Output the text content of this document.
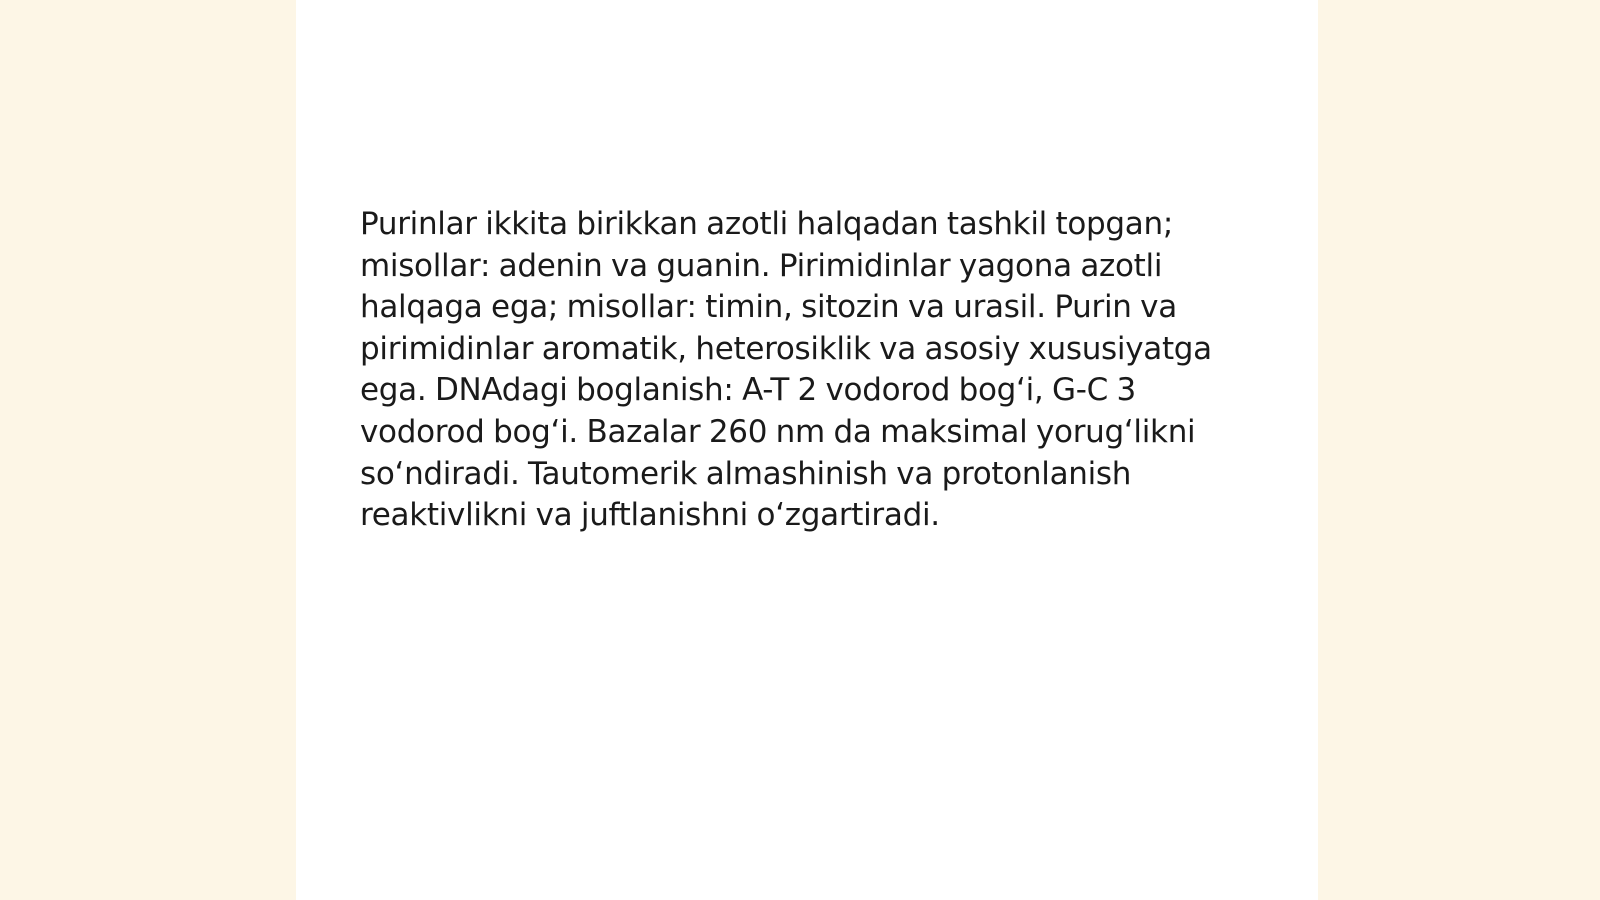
Purinlar ikkita birikkan azotli halqadan tashkil topgan; misollar: adenin va guanin. Pirimidinlar yagona azotli halqaga ega; misollar: timin, sitozin va urasil. Purin va pirimidinlar aromatik, heterosiklik va asosiy xususiyatga ega. DNAdagi boglanish: A-T 2 vodorod bog‘i, G-C 3 vodorod bog‘i. Bazalar 260 nm da maksimal yorug‘likni so‘ndiradi. Tautomerik almashinish va protonlanish reaktivlikni va juftlanishni o‘zgartiradi.
